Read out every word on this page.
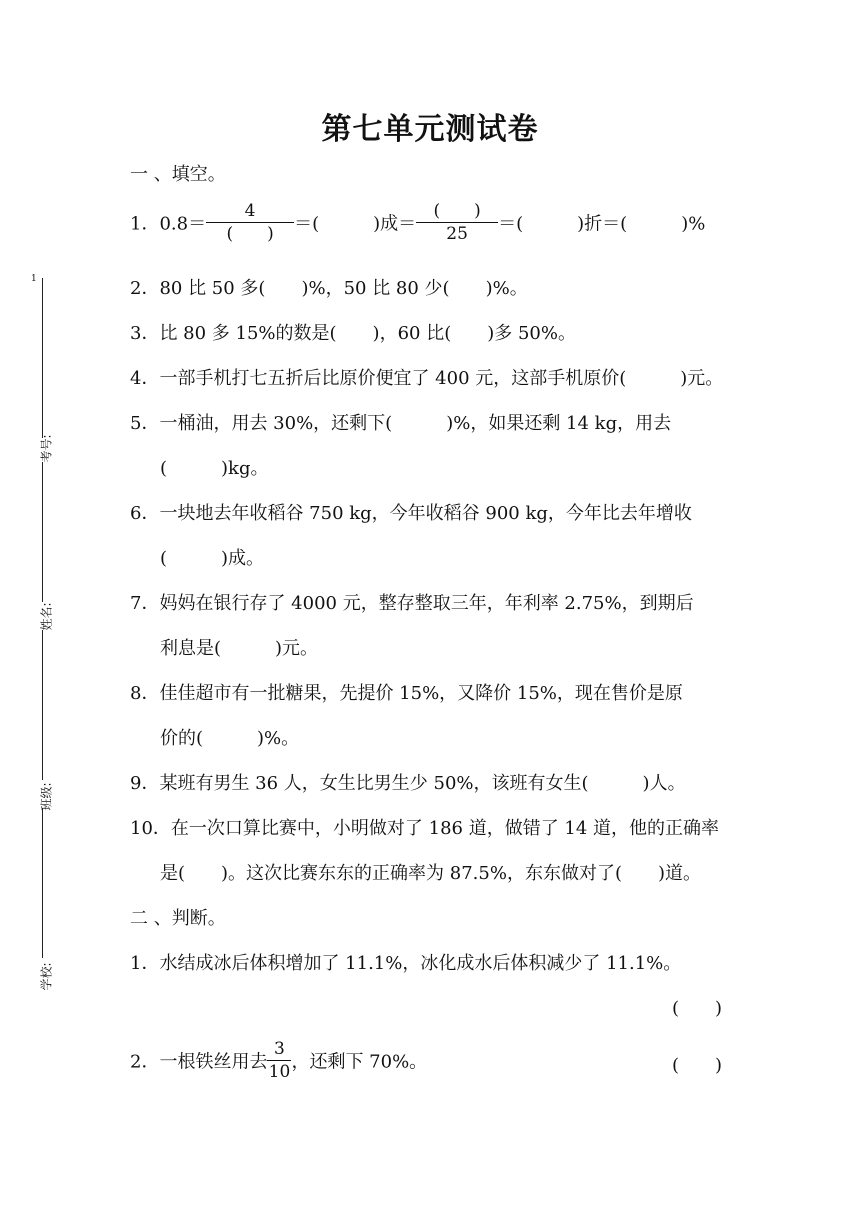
1
考号:
姓名:
班级:
学校:
第七单元测试卷
一 、填空。
1．$0.8= \frac{4}{( )}$ ＝(　　　)成＝ $\frac{( )}{25}$ ＝(　　　)折＝(　　　)%
2．80 比 50 多(　　)%，50 比 80 少(　　)%。
3．比 80 多 15%的数是(　　)，60 比(　　)多 50%。
4．一部手机打七五折后比原价便宜了 400 元，这部手机原价(　　　)元。
5．一桶油，用去 30%，还剩下(　　　)%，如果还剩 14 kg，用去
(　　　)kg。
6．一块地去年收稻谷 750 kg，今年收稻谷 900 kg，今年比去年增收
(　　　)成。
7．妈妈在银行存了 4000 元，整存整取三年，年利率 2.75%，到期后
利息是(　　　)元。
8．佳佳超市有一批糖果，先提价 15%，又降价 15%，现在售价是原
价的(　　　)%。
9．某班有男生 36 人，女生比男生少 50%，该班有女生(　　　)人。
10．在一次口算比赛中，小明做对了 186 道，做错了 14 道，他的正确率
是(　　)。这次比赛东东的正确率为 87.5%，东东做对了(　　)道。
二 、判断。
1．水结成冰后体积增加了 11.1%，冰化成水后体积减少了 11.1%。
(　　)
2．一根铁丝用去 $\frac{3}{10}$ ，还剩下 70%。	(　　)
